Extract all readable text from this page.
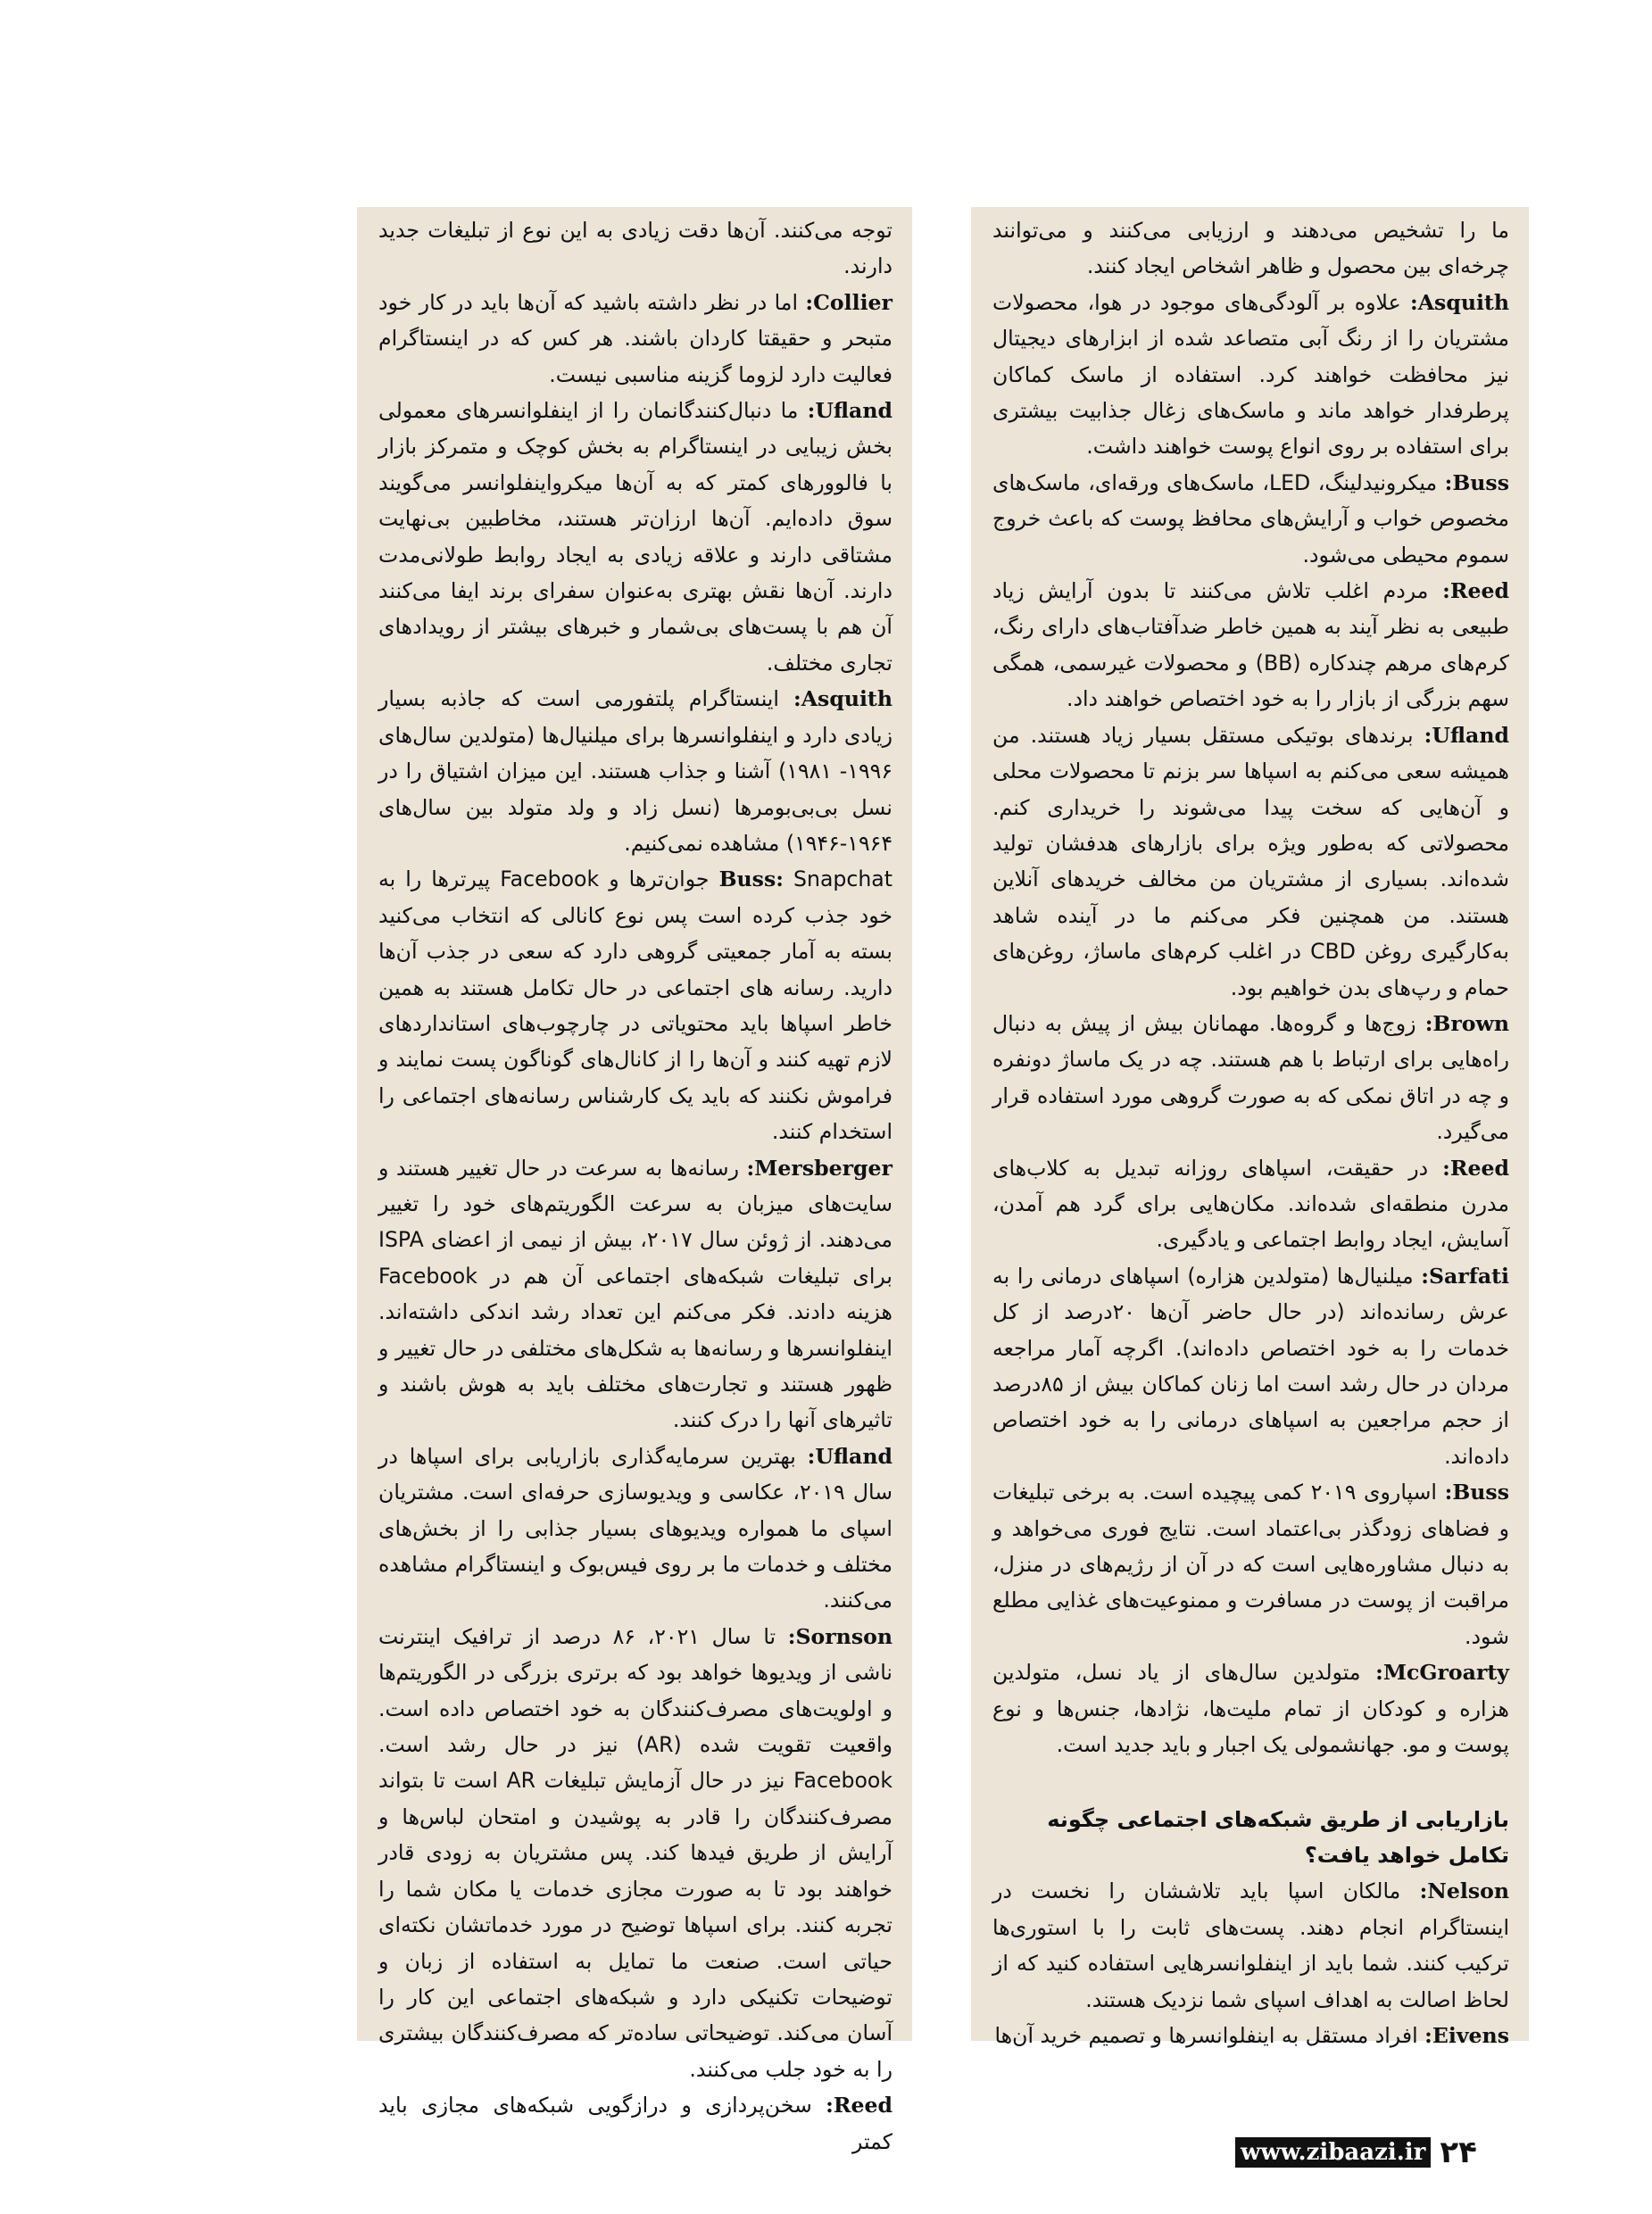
ما را تشخیص می‌دهند و ارزیابی می‌کنند و می‌توانند چرخه‌ای بین محصول و ظاهر اشخاص ایجاد کنند.

Asquith: علاوه بر آلودگی‌های موجود در هوا، محصولات مشتریان را از رنگ آبی متصاعد شده از ابزارهای دیجیتال نیز محافظت خواهند کرد. استفاده از ماسک کماکان پرطرفدار خواهد ماند و ماسک‌های زغال جذابیت بیشتری برای استفاده بر روی انواع پوست خواهند داشت.

Buss: میکرونیدلینگ، LED، ماسک‌های ورقه‌ای، ماسک‌های مخصوص خواب و آرایش‌های محافظ پوست که باعث خروج سموم محیطی می‌شود.

Reed: مردم اغلب تلاش می‌کنند تا بدون آرایش زیاد طبیعی به نظر آیند به همین خاطر ضدآفتاب‌های دارای رنگ، کرم‌های مرهم چندکاره (BB) و محصولات غیرسمی، همگی سهم بزرگی از بازار را به خود اختصاص خواهند داد.

Ufland: برندهای بوتیکی مستقل بسیار زیاد هستند. من همیشه سعی می‌کنم به اسپاها سر بزنم تا محصولات محلی و آن‌هایی که سخت پیدا می‌شوند را خریداری کنم. محصولاتی که به‌طور ویژه برای بازارهای هدفشان تولید شده‌اند. بسیاری از مشتریان من مخالف خریدهای آنلاین هستند. من همچنین فکر می‌کنم ما در آینده شاهد به‌کارگیری روغن CBD در اغلب کرم‌های ماساژ، روغن‌های حمام و رپ‌های بدن خواهیم بود.

Brown: زوج‌ها و گروه‌ها. مهمانان بیش از پیش به دنبال راه‌هایی برای ارتباط با هم هستند. چه در یک ماساژ دونفره و چه در اتاق نمکی که به صورت گروهی مورد استفاده قرار می‌گیرد.

Reed: در حقیقت، اسپاهای روزانه تبدیل به کلاب‌های مدرن منطقه‌ای شده‌اند. مکان‌هایی برای گرد هم آمدن، آسایش، ایجاد روابط اجتماعی و یادگیری.

Sarfati: میلنیال‌ها (متولدین هزاره) اسپاهای درمانی را به عرش رسانده‌اند (در حال حاضر آن‌ها ۲۰درصد از کل خدمات را به خود اختصاص داده‌اند). اگرچه آمار مراجعه مردان در حال رشد است اما زنان کماکان بیش از ۸۵درصد از حجم مراجعین به اسپاهای درمانی را به خود اختصاص داده‌اند.

Buss: اسپاروی ۲۰۱۹ کمی پیچیده است. به برخی تبلیغات و فضاهای زودگذر بی‌اعتماد است. نتایج فوری می‌خواهد و به دنبال مشاوره‌هایی است که در آن از رژیم‌های در منزل، مراقبت از پوست در مسافرت و ممنوعیت‌های غذایی مطلع شود.

McGroarty: متولدین سال‌های از یاد نسل، متولدین هزاره و کودکان از تمام ملیت‌ها، نژادها، جنس‌ها و نوع پوست و مو. جهانشمولی یک اجبار و باید جدید است.

بازاریابی از طریق شبکه‌های اجتماعی چگونه تکامل خواهد یافت؟

Nelson: مالکان اسپا باید تلاششان را نخست در اینستاگرام انجام دهند. پست‌های ثابت را با استوری‌ها ترکیب کنند. شما باید از اینفلوانسرهایی استفاده کنید که از لحاظ اصالت به اهداف اسپای شما نزدیک هستند.

Eivens: افراد مستقل به اینفلوانسرها و تصمیم خرید آن‌ها

توجه می‌کنند. آن‌ها دقت زیادی به این نوع از تبلیغات جدید دارند.

Collier: اما در نظر داشته باشید که آن‌ها باید در کار خود متبحر و حقیقتا کاردان باشند. هر کس که در اینستاگرام فعالیت دارد لزوما گزینه مناسبی نیست.

Ufland: ما دنبال‌کنندگانمان را از اینفلوانسرهای معمولی بخش زیبایی در اینستاگرام به بخش کوچک و متمرکز بازار با فالوورهای کمتر که به آن‌ها میکرواینفلوانسر می‌گویند سوق داده‌ایم. آن‌ها ارزان‌تر هستند، مخاطبین بی‌نهایت مشتاقی دارند و علاقه زیادی به ایجاد روابط طولانی‌مدت دارند. آن‌ها نقش بهتری به‌عنوان سفرای برند ایفا می‌کنند آن هم با پست‌های بی‌شمار و خبرهای بیشتر از رویدادهای تجاری مختلف.

Asquith: اینستاگرام پلتفورمی است که جاذبه بسیار زیادی دارد و اینفلوانسرها برای میلنیال‌ها (متولدین سال‌های ۱۹۹۶- ۱۹۸۱) آشنا و جذاب هستند. این میزان اشتیاق را در نسل بی‌بی‌بومرها (نسل زاد و ولد متولد بین سال‌های ۱۹۶۴-۱۹۴۶) مشاهده نمی‌کنیم.

Buss: Snapchat جوان‌ترها و Facebook پیرترها را به خود جذب کرده است پس نوع کانالی که انتخاب می‌کنید بسته به آمار جمعیتی گروهی دارد که سعی در جذب آن‌ها دارید. رسانه های اجتماعی در حال تکامل هستند به همین خاطر اسپاها باید محتویاتی در چارچوب‌های استانداردهای لازم تهیه کنند و آن‌ها را از کانال‌های گوناگون پست نمایند و فراموش نکنند که باید یک کارشناس رسانه‌های اجتماعی را استخدام کنند.

Mersberger: رسانه‌ها به سرعت در حال تغییر هستند و سایت‌های میزبان به سرعت الگوریتم‌های خود را تغییر می‌دهند. از ژوئن سال ۲۰۱۷، بیش از نیمی از اعضای ISPA برای تبلیغات شبکه‌های اجتماعی آن هم در Facebook هزینه دادند. فکر می‌کنم این تعداد رشد اندکی داشته‌اند. اینفلوانسرها و رسانه‌ها به شکل‌های مختلفی در حال تغییر و ظهور هستند و تجارت‌های مختلف باید به هوش باشند و تاثیرهای آنها را درک کنند.

Ufland: بهترین سرمایه‌گذاری بازاریابی برای اسپاها در سال ۲۰۱۹، عکاسی و ویدیوسازی حرفه‌ای است. مشتریان اسپای ما همواره ویدیوهای بسیار جذابی را از بخش‌های مختلف و خدمات ما بر روی فیس‌بوک و اینستاگرام مشاهده می‌کنند.

Sornson: تا سال ۲۰۲۱، ۸۶ درصد از ترافیک اینترنت ناشی از ویدیوها خواهد بود که برتری بزرگی در الگوریتم‌ها و اولویت‌های مصرف‌کنندگان به خود اختصاص داده است. واقعیت تقویت شده (AR) نیز در حال رشد است. Facebook نیز در حال آزمایش تبلیغات AR است تا بتواند مصرف‌کنندگان را قادر به پوشیدن و امتحان لباس‌ها و آرایش از طریق فیدها کند. پس مشتریان به زودی قادر خواهند بود تا به صورت مجازی خدمات یا مکان شما را تجربه کنند. برای اسپاها توضیح در مورد خدماتشان نکته‌ای حیاتی است. صنعت ما تمایل به استفاده از زبان و توضیحات تکنیکی دارد و شبکه‌های اجتماعی این کار را آسان می‌کند. توضیحاتی ساده‌تر که مصرف‌کنندگان بیشتری را به خود جلب می‌کنند.

Reed: سخن‌پردازی و درازگویی شبکه‌های مجازی باید کمتر	www.zibaazi.ir ۲۴
